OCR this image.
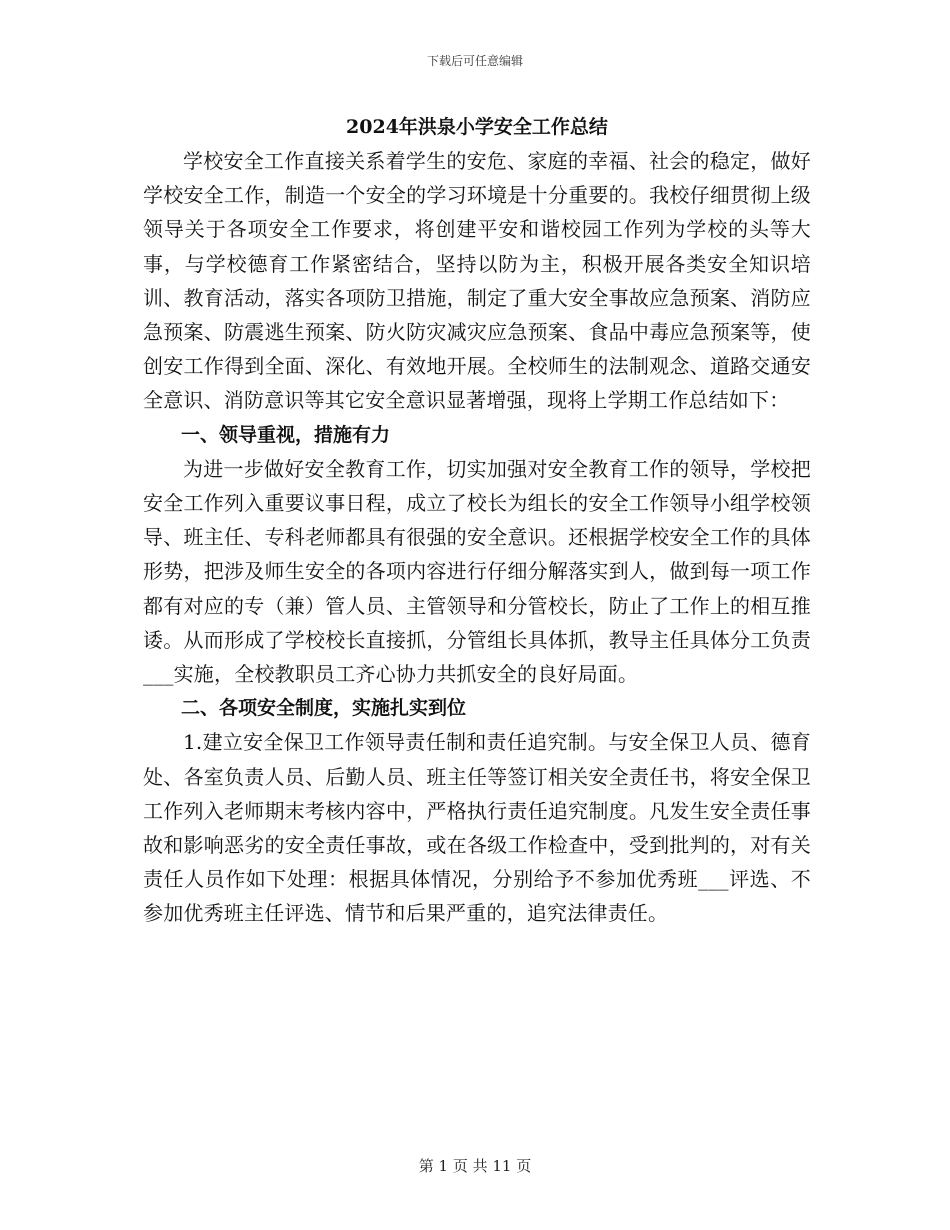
下载后可任意编辑
2024年洪泉小学安全工作总结

学校安全工作直接关系着学生的安危、家庭的幸福、社会的稳定，做好学校安全工作，制造一个安全的学习环境是十分重要的。我校仔细贯彻上级领导关于各项安全工作要求，将创建平安和谐校园工作列为学校的头等大事，与学校德育工作紧密结合，坚持以防为主，积极开展各类安全知识培训、教育活动，落实各项防卫措施，制定了重大安全事故应急预案、消防应急预案、防震逃生预案、防火防灾减灾应急预案、食品中毒应急预案等，使创安工作得到全面、深化、有效地开展。全校师生的法制观念、道路交通安全意识、消防意识等其它安全意识显著增强，现将上学期工作总结如下：

一、领导重视，措施有力

为进一步做好安全教育工作，切实加强对安全教育工作的领导，学校把安全工作列入重要议事日程，成立了校长为组长的安全工作领导小组学校领导、班主任、专科老师都具有很强的安全意识。还根据学校安全工作的具体形势，把涉及师生安全的各项内容进行仔细分解落实到人，做到每一项工作都有对应的专（兼）管人员、主管领导和分管校长，防止了工作上的相互推诿。从而形成了学校校长直接抓，分管组长具体抓，教导主任具体分工负责___实施，全校教职员工齐心协力共抓安全的良好局面。

二、各项安全制度，实施扎实到位

1.建立安全保卫工作领导责任制和责任追究制。与安全保卫人员、德育处、各室负责人员、后勤人员、班主任等签订相关安全责任书，将安全保卫工作列入老师期末考核内容中，严格执行责任追究制度。凡发生安全责任事故和影响恶劣的安全责任事故，或在各级工作检查中，受到批判的，对有关责任人员作如下处理：根据具体情况，分别给予不参加优秀班___评选、不参加优秀班主任评选、情节和后果严重的，追究法律责任。

第 1 页 共 11 页
